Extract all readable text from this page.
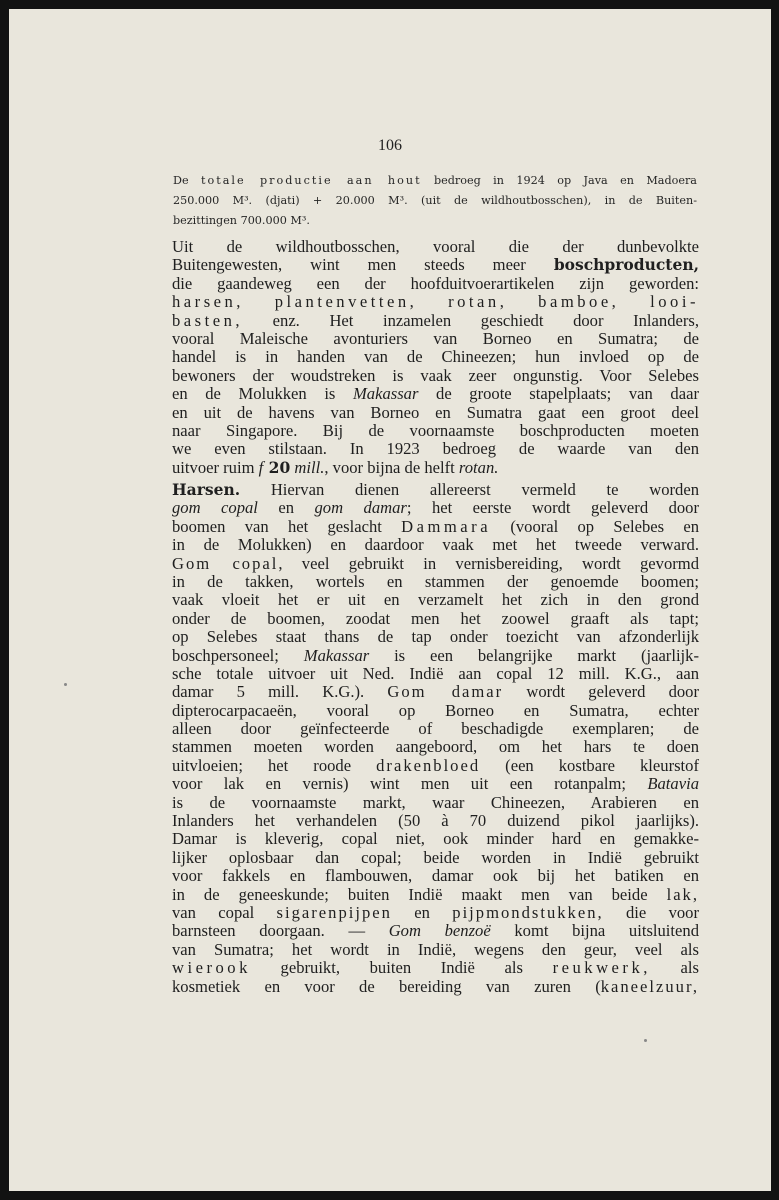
106
De totale productie aan hout bedroeg in 1924 op Java en Madoera
250.000 M³. (djati) + 20.000 M³. (uit de wildhoutbosschen), in de Buiten-
bezittingen 700.000 M³.
Uit de wildhoutbosschen, vooral die der dunbevolkte
Buitengewesten, wint men steeds meer boschproducten,
die gaandeweg een der hoofduitvoerartikelen zijn geworden:
harsen, plantenvetten, rotan, bamboe, looi-
basten, enz. Het inzamelen geschiedt door Inlanders,
vooral Maleische avonturiers van Borneo en Sumatra; de
handel is in handen van de Chineezen; hun invloed op de
bewoners der woudstreken is vaak zeer ongunstig. Voor Selebes
en de Molukken is Makassar de groote stapelplaats; van daar
en uit de havens van Borneo en Sumatra gaat een groot deel
naar Singapore. Bij de voornaamste boschproducten moeten
we even stilstaan. In 1923 bedroeg de waarde van den
uitvoer ruim f 20 mill., voor bijna de helft rotan.
Harsen. Hiervan dienen allereerst vermeld te worden
gom copal en gom damar; het eerste wordt geleverd door
boomen van het geslacht Dammara (vooral op Selebes en
in de Molukken) en daardoor vaak met het tweede verward.
Gom copal, veel gebruikt in vernisbereiding, wordt gevormd
in de takken, wortels en stammen der genoemde boomen;
vaak vloeit het er uit en verzamelt het zich in den grond
onder de boomen, zoodat men het zoowel graaft als tapt;
op Selebes staat thans de tap onder toezicht van afzonderlijk
boschpersoneel; Makassar is een belangrijke markt (jaarlijk-
sche totale uitvoer uit Ned. Indië aan copal 12 mill. K.G., aan
damar 5 mill. K.G.). Gom damar wordt geleverd door
dipterocarpacaeën, vooral op Borneo en Sumatra, echter
alleen door geïnfecteerde of beschadigde exemplaren; de
stammen moeten worden aangeboord, om het hars te doen
uitvloeien; het roode drakenbloed (een kostbare kleurstof
voor lak en vernis) wint men uit een rotanpalm; Batavia
is de voornaamste markt, waar Chineezen, Arabieren en
Inlanders het verhandelen (50 à 70 duizend pikol jaarlijks).
Damar is kleverig, copal niet, ook minder hard en gemakke-
lijker oplosbaar dan copal; beide worden in Indië gebruikt
voor fakkels en flambouwen, damar ook bij het batiken en
in de geneeskunde; buiten Indië maakt men van beide lak,
van copal sigarenpijpen en pijpmondstukken, die voor
barnsteen doorgaan. — Gom benzoë komt bijna uitsluitend
van Sumatra; het wordt in Indië, wegens den geur, veel als
wierook gebruikt, buiten Indië als reukwerk, als
kosmetiek en voor de bereiding van zuren (kaneelzuur,
